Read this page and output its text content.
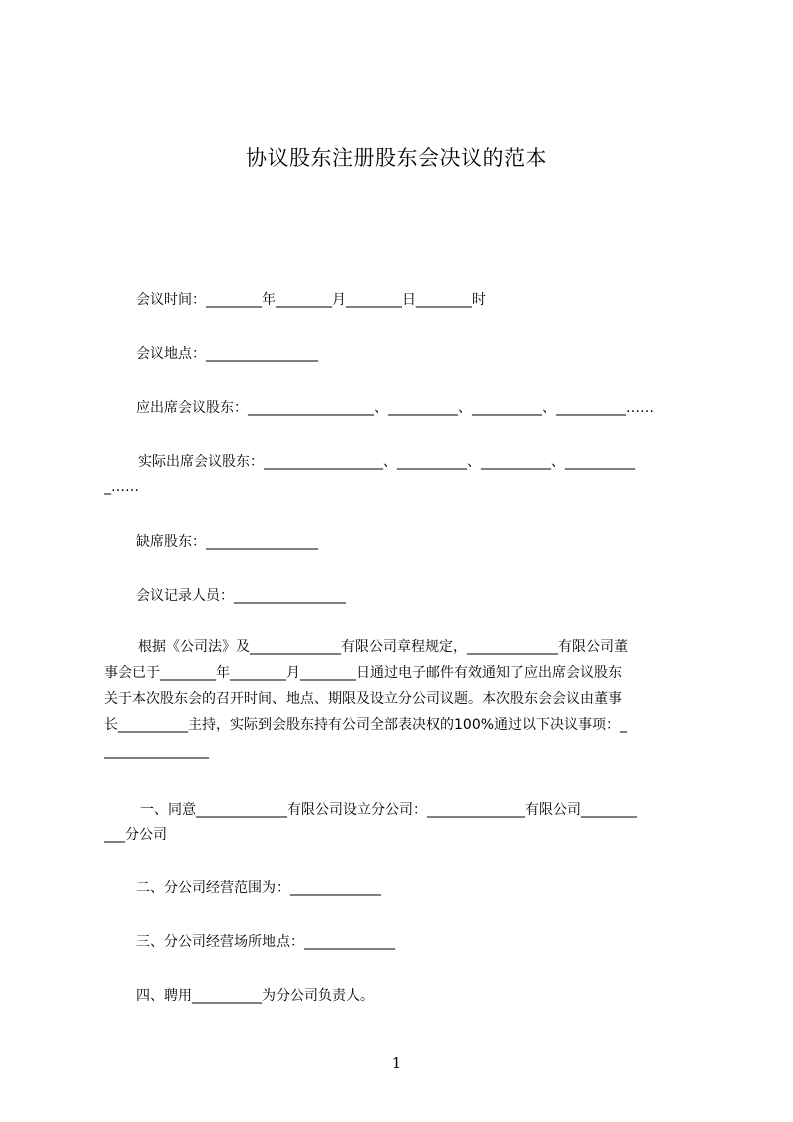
协议股东注册股东会决议的范本
会议时间：________年________月________日________时
会议地点：________________
应出席会议股东：__________________、__________、__________、__________……
实际出席会议股东：_________________、__________、__________、__________
_……
缺席股东：________________
会议记录人员：________________
根据《公司法》及_____________有限公司章程规定，_____________有限公司董
事会已于________年________月________日通过电子邮件有效通知了应出席会议股东
关于本次股东会的召开时间、地点、期限及设立分公司议题。本次股东会会议由董事
长__________主持，实际到会股东持有公司全部表决权的100%通过以下决议事项：_
_______________
一、同意_____________有限公司设立分公司：______________有限公司________
___分公司
二、分公司经营范围为：_____________
三、分公司经营场所地点：_____________
四、聘用__________为分公司负责人。
1
